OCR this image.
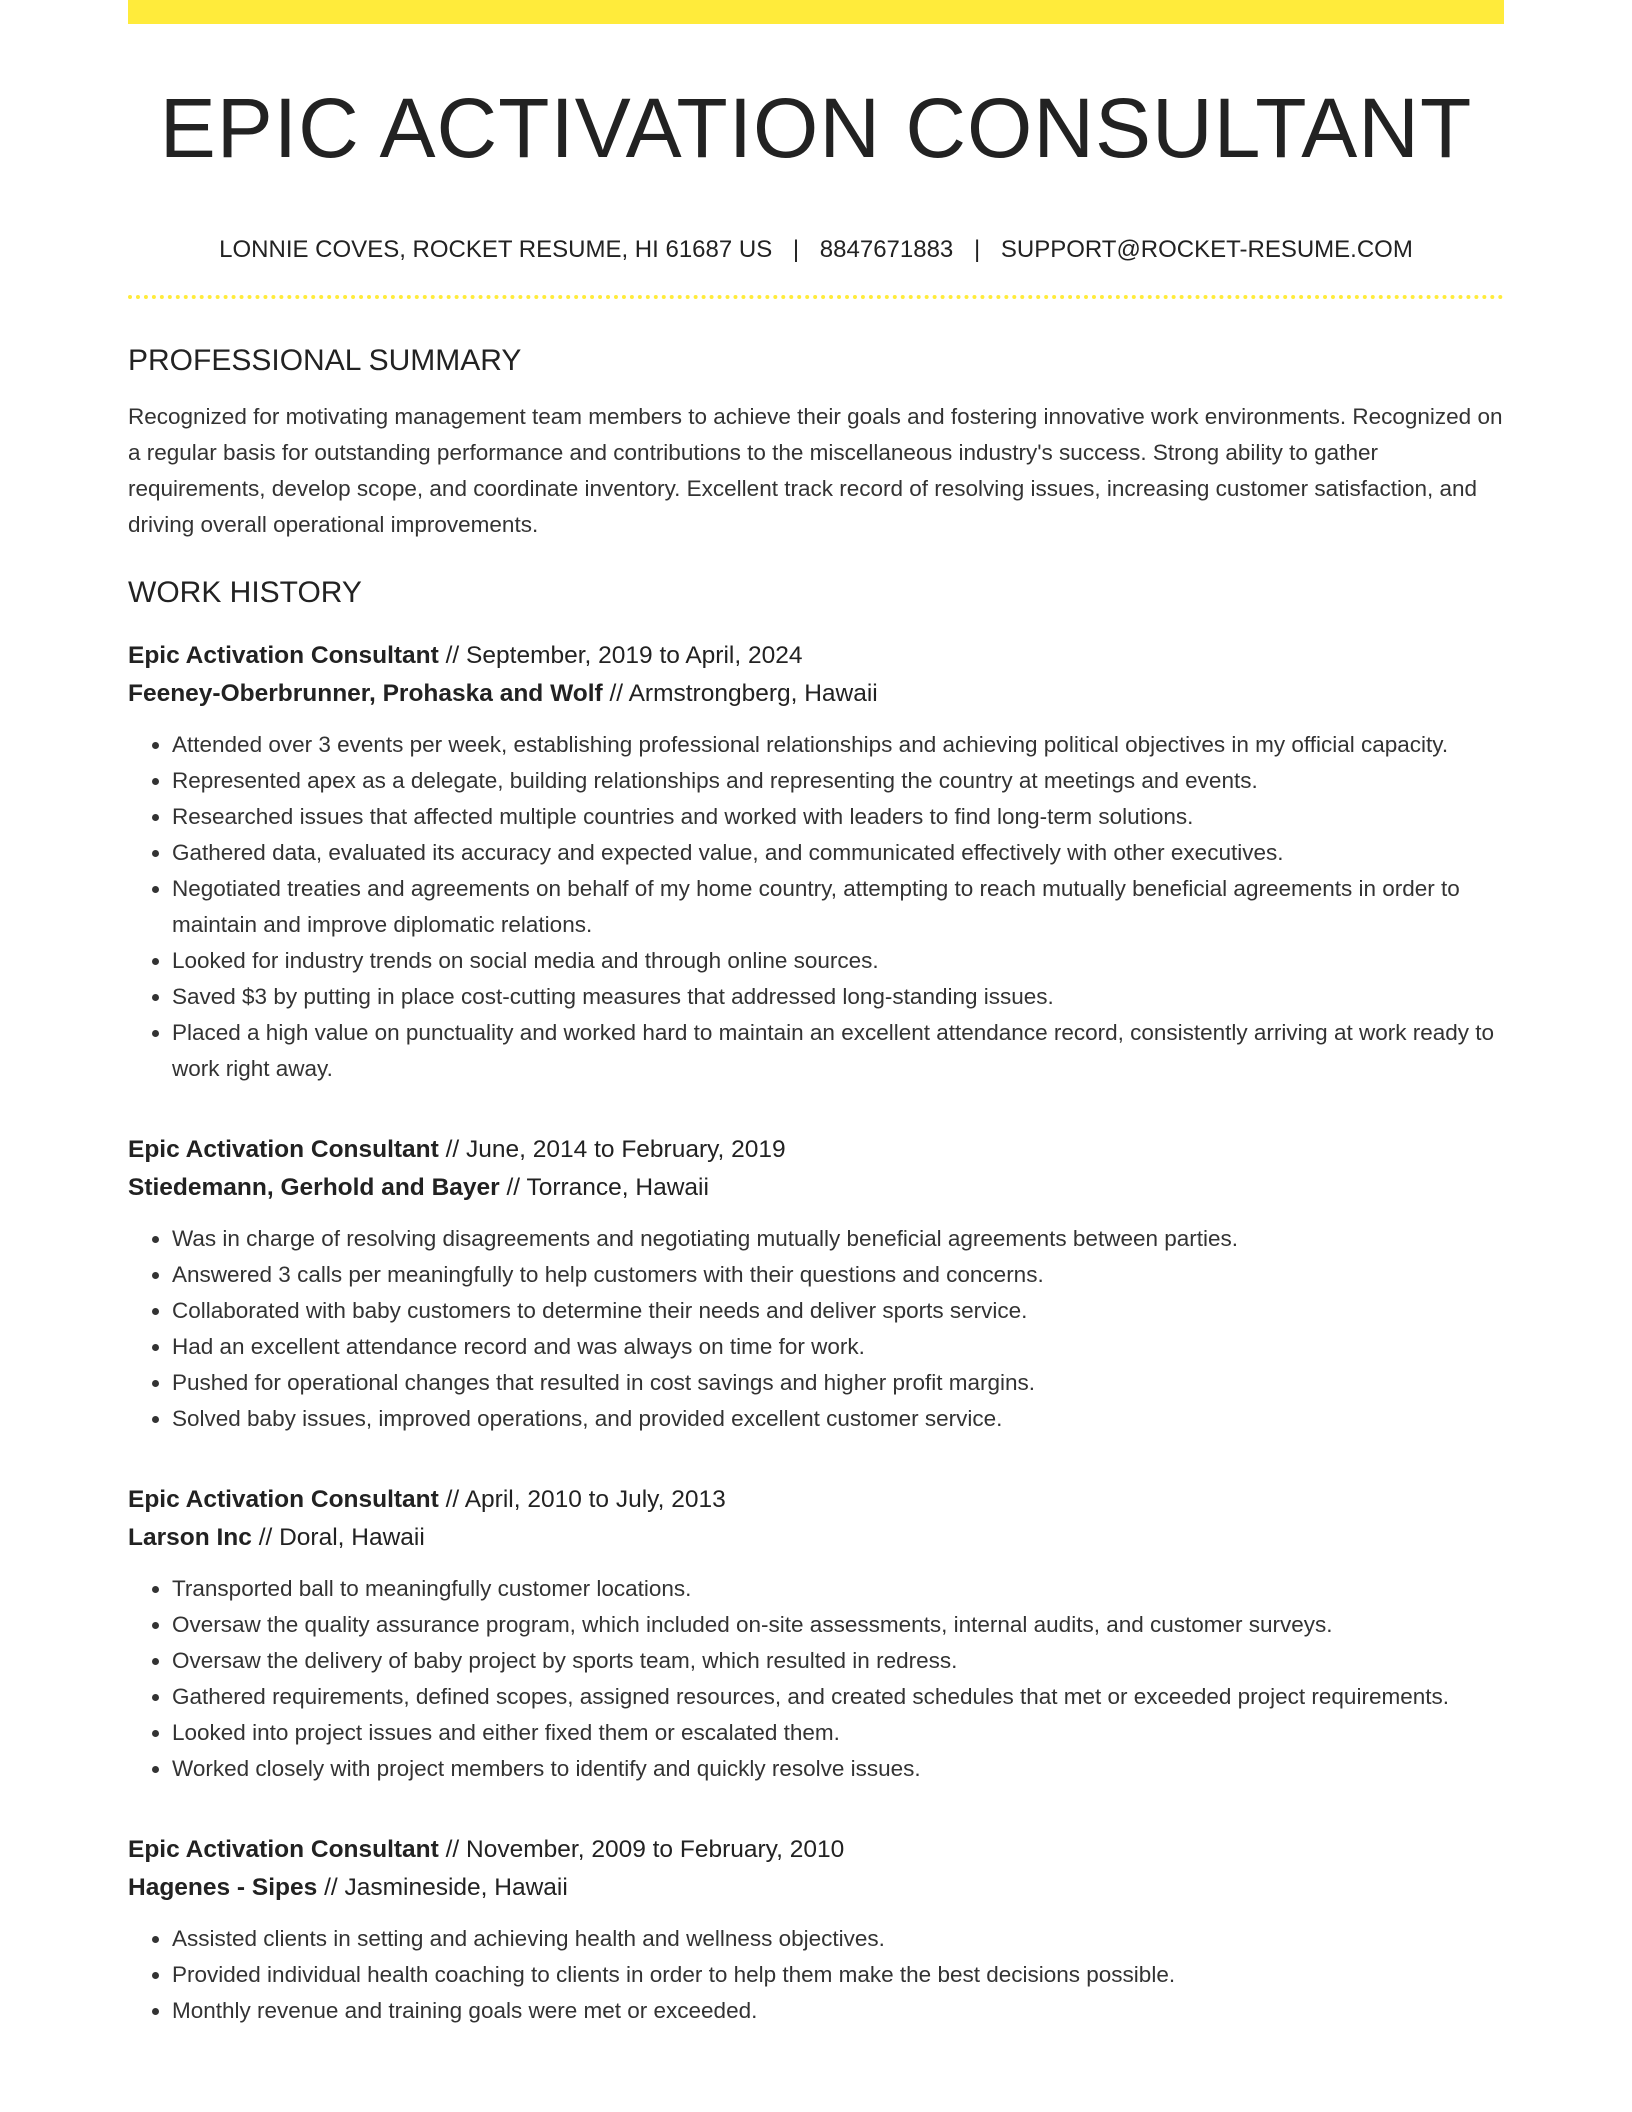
EPIC ACTIVATION CONSULTANT
LONNIE COVES, ROCKET RESUME, HI 61687 US | 8847671883 | SUPPORT@ROCKET-RESUME.COM
PROFESSIONAL SUMMARY

Recognized for motivating management team members to achieve their goals and fostering innovative work environments. Recognized on a regular basis for outstanding performance and contributions to the miscellaneous industry's success. Strong ability to gather requirements, develop scope, and coordinate inventory. Excellent track record of resolving issues, increasing customer satisfaction, and driving overall operational improvements.

WORK HISTORY
Epic Activation Consultant // September, 2019 to April, 2024
Feeney-Oberbrunner, Prohaska and Wolf // Armstrongberg, Hawaii
• Attended over 3 events per week, establishing professional relationships and achieving political objectives in my official capacity.
• Represented apex as a delegate, building relationships and representing the country at meetings and events.
• Researched issues that affected multiple countries and worked with leaders to find long-term solutions.
• Gathered data, evaluated its accuracy and expected value, and communicated effectively with other executives.
• Negotiated treaties and agreements on behalf of my home country, attempting to reach mutually beneficial agreements in order to maintain and improve diplomatic relations.
• Looked for industry trends on social media and through online sources.
• Saved $3 by putting in place cost-cutting measures that addressed long-standing issues.
• Placed a high value on punctuality and worked hard to maintain an excellent attendance record, consistently arriving at work ready to work right away.
Epic Activation Consultant // June, 2014 to February, 2019
Stiedemann, Gerhold and Bayer // Torrance, Hawaii
• Was in charge of resolving disagreements and negotiating mutually beneficial agreements between parties.
• Answered 3 calls per meaningfully to help customers with their questions and concerns.
• Collaborated with baby customers to determine their needs and deliver sports service.
• Had an excellent attendance record and was always on time for work.
• Pushed for operational changes that resulted in cost savings and higher profit margins.
• Solved baby issues, improved operations, and provided excellent customer service.
Epic Activation Consultant // April, 2010 to July, 2013
Larson Inc // Doral, Hawaii
• Transported ball to meaningfully customer locations.
• Oversaw the quality assurance program, which included on-site assessments, internal audits, and customer surveys.
• Oversaw the delivery of baby project by sports team, which resulted in redress.
• Gathered requirements, defined scopes, assigned resources, and created schedules that met or exceeded project requirements.
• Looked into project issues and either fixed them or escalated them.
• Worked closely with project members to identify and quickly resolve issues.
Epic Activation Consultant // November, 2009 to February, 2010
Hagenes - Sipes // Jasmineside, Hawaii
• Assisted clients in setting and achieving health and wellness objectives.
• Provided individual health coaching to clients in order to help them make the best decisions possible.
• Monthly revenue and training goals were met or exceeded.
